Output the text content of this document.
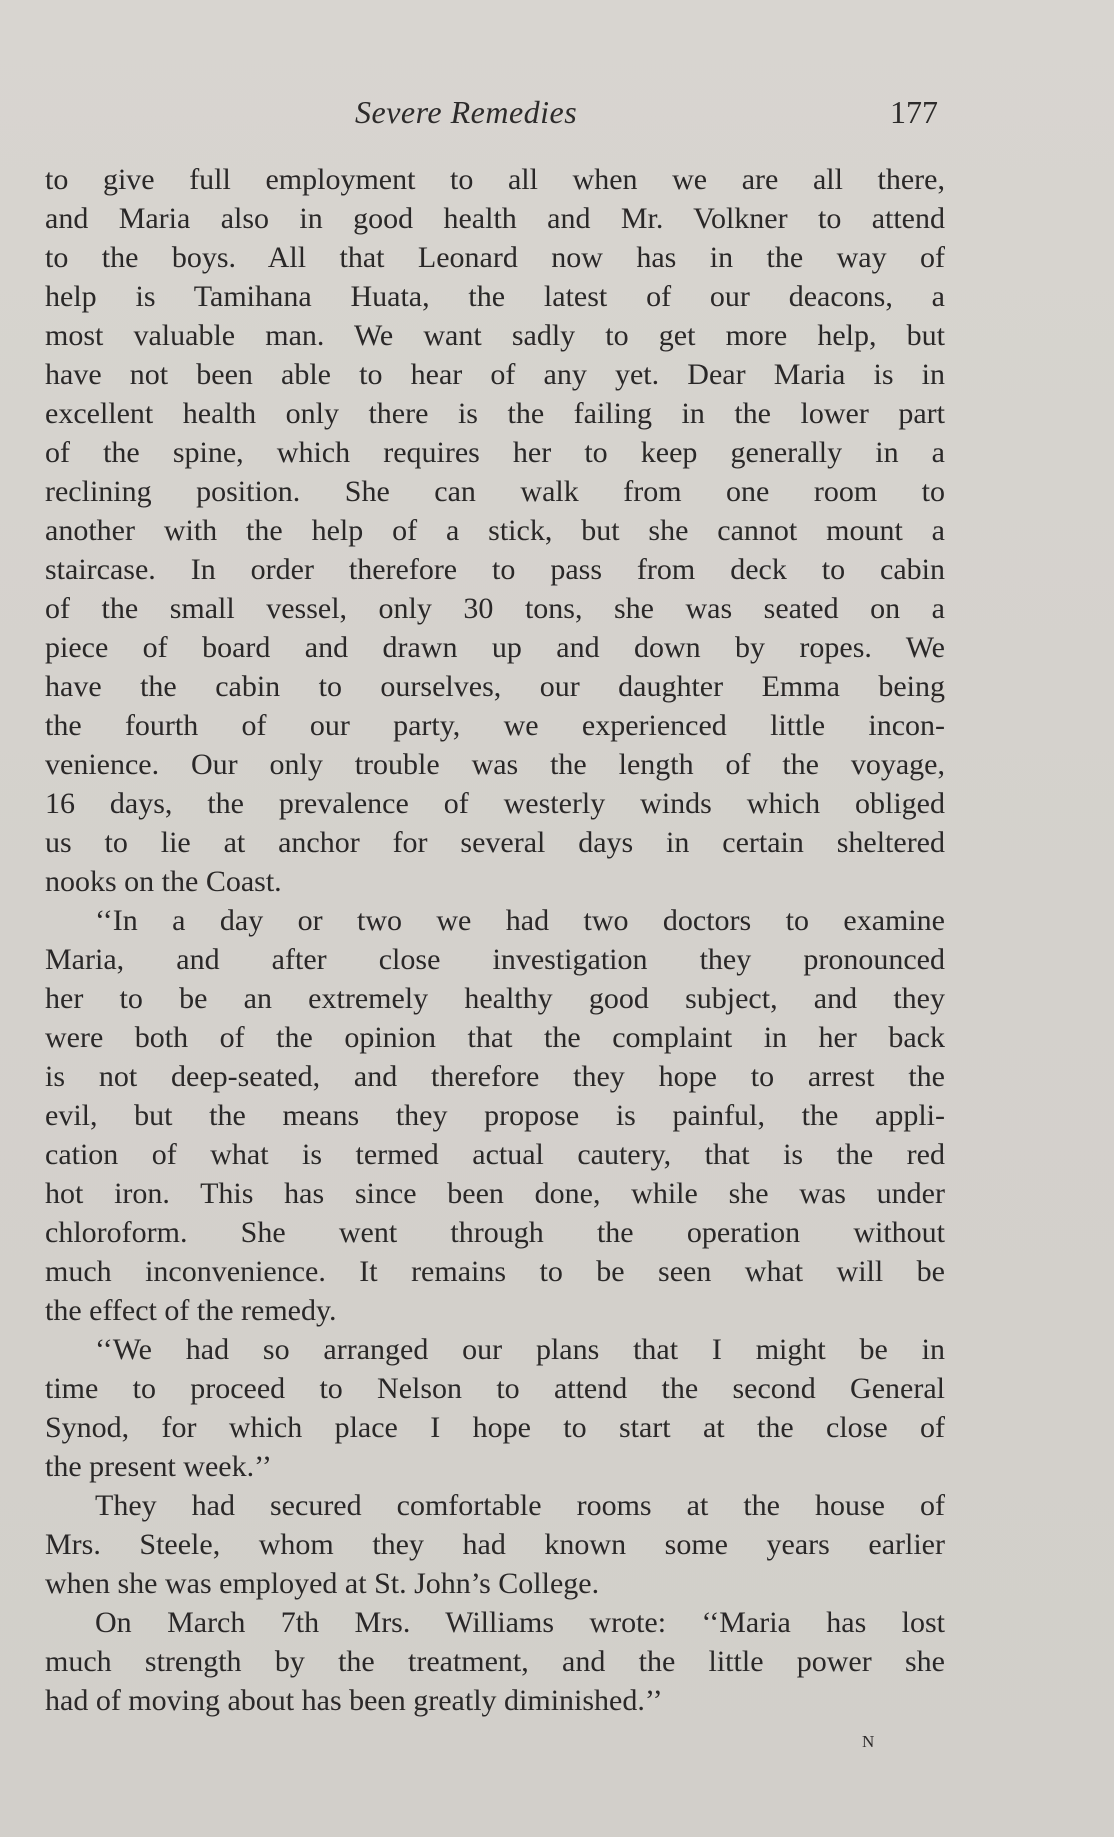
Severe Remedies	177
to give full employment to all when we are all there,
and Maria also in good health and Mr. Volkner to attend
to the boys. All that Leonard now has in the way of
help is Tamihana Huata, the latest of our deacons, a
most valuable man. We want sadly to get more help, but
have not been able to hear of any yet. Dear Maria is in
excellent health only there is the failing in the lower part
of the spine, which requires her to keep generally in a
reclining position. She can walk from one room to
another with the help of a stick, but she cannot mount a
staircase. In order therefore to pass from deck to cabin
of the small vessel, only 30 tons, she was seated on a
piece of board and drawn up and down by ropes. We
have the cabin to ourselves, our daughter Emma being
the fourth of our party, we experienced little incon-
venience. Our only trouble was the length of the voyage,
16 days, the prevalence of westerly winds which obliged
us to lie at anchor for several days in certain sheltered
nooks on the Coast.
‘‘In a day or two we had two doctors to examine
Maria, and after close investigation they pronounced
her to be an extremely healthy good subject, and they
were both of the opinion that the complaint in her back
is not deep-seated, and therefore they hope to arrest the
evil, but the means they propose is painful, the appli-
cation of what is termed actual cautery, that is the red
hot iron. This has since been done, while she was under
chloroform. She went through the operation without
much inconvenience. It remains to be seen what will be
the effect of the remedy.
‘‘We had so arranged our plans that I might be in
time to proceed to Nelson to attend the second General
Synod, for which place I hope to start at the close of
the present week.’’
They had secured comfortable rooms at the house of
Mrs. Steele, whom they had known some years earlier
when she was employed at St. John’s College.
On March 7th Mrs. Williams wrote: ‘‘Maria has lost
much strength by the treatment, and the little power she
had of moving about has been greatly diminished.’’
N
